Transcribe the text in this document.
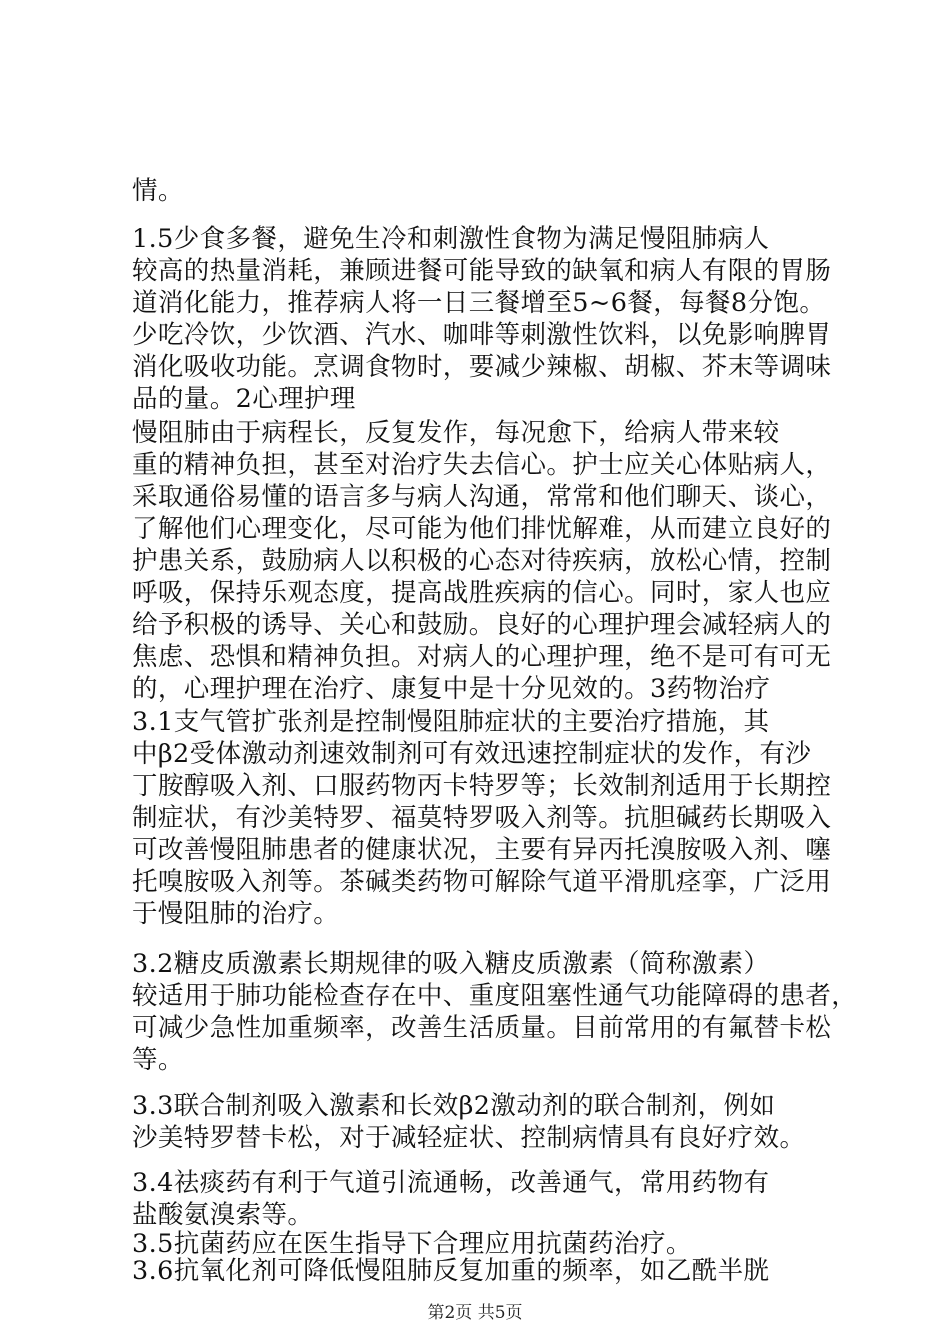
情。
1.5少食多餐，避免生冷和刺激性食物为满足慢阻肺病人
较高的热量消耗，兼顾进餐可能导致的缺氧和病人有限的胃肠
道消化能力，推荐病人将一日三餐增至5~6餐，每餐8分饱。
少吃冷饮，少饮酒、汽水、咖啡等刺激性饮料，以免影响脾胃
消化吸收功能。烹调食物时，要减少辣椒、胡椒、芥末等调味
品的量。2心理护理
慢阻肺由于病程长，反复发作，每况愈下，给病人带来较
重的精神负担，甚至对治疗失去信心。护士应关心体贴病人，
采取通俗易懂的语言多与病人沟通，常常和他们聊天、谈心，
了解他们心理变化，尽可能为他们排忧解难，从而建立良好的
护患关系，鼓励病人以积极的心态对待疾病，放松心情，控制
呼吸，保持乐观态度，提高战胜疾病的信心。同时，家人也应
给予积极的诱导、关心和鼓励。良好的心理护理会减轻病人的
焦虑、恐惧和精神负担。对病人的心理护理，绝不是可有可无
的，心理护理在治疗、康复中是十分见效的。3药物治疗
3.1支气管扩张剂是控制慢阻肺症状的主要治疗措施，其
中β2受体激动剂速效制剂可有效迅速控制症状的发作，有沙
丁胺醇吸入剂、口服药物丙卡特罗等；长效制剂适用于长期控
制症状，有沙美特罗、福莫特罗吸入剂等。抗胆碱药长期吸入
可改善慢阻肺患者的健康状况，主要有异丙托溴胺吸入剂、噻
托嗅胺吸入剂等。茶碱类药物可解除气道平滑肌痉挛，广泛用
于慢阻肺的治疗。
3.2糖皮质激素长期规律的吸入糖皮质激素（简称激素）
较适用于肺功能检查存在中、重度阻塞性通气功能障碍的患者，
可减少急性加重频率，改善生活质量。目前常用的有氟替卡松
等。
3.3联合制剂吸入激素和长效β2激动剂的联合制剂，例如
沙美特罗替卡松，对于减轻症状、控制病情具有良好疗效。
3.4祛痰药有利于气道引流通畅，改善通气，常用药物有
盐酸氨溴索等。
3.5抗菌药应在医生指导下合理应用抗菌药治疗。
3.6抗氧化剂可降低慢阻肺反复加重的频率，如乙酰半胱
第2页 共5页
